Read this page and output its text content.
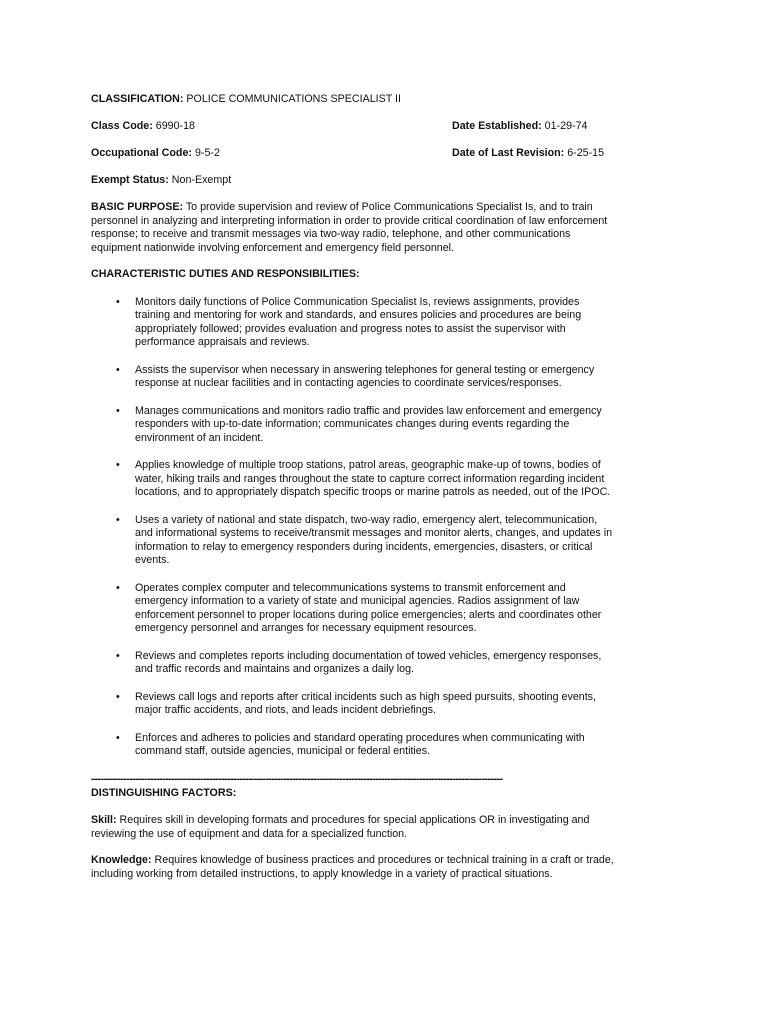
CLASSIFICATION: POLICE COMMUNICATIONS SPECIALIST II
Class Code: 6990-18	Date Established: 01-29-74
Occupational Code: 9-5-2	Date of Last Revision: 6-25-15
Exempt Status: Non-Exempt

BASIC PURPOSE: To provide supervision and review of Police Communications Specialist Is, and to train personnel in analyzing and interpreting information in order to provide critical coordination of law enforcement response; to receive and transmit messages via two-way radio, telephone, and other communications equipment nationwide involving enforcement and emergency field personnel.

CHARACTERISTIC DUTIES AND RESPONSIBILITIES:
• Monitors daily functions of Police Communication Specialist Is, reviews assignments, provides training and mentoring for work and standards, and ensures policies and procedures are being appropriately followed; provides evaluation and progress notes to assist the supervisor with performance appraisals and reviews.
• Assists the supervisor when necessary in answering telephones for general testing or emergency response at nuclear facilities and in contacting agencies to coordinate services/responses.
• Manages communications and monitors radio traffic and provides law enforcement and emergency responders with up-to-date information; communicates changes during events regarding the environment of an incident.
• Applies knowledge of multiple troop stations, patrol areas, geographic make-up of towns, bodies of water, hiking trails and ranges throughout the state to capture correct information regarding incident locations, and to appropriately dispatch specific troops or marine patrols as needed, out of the IPOC.
• Uses a variety of national and state dispatch, two-way radio, emergency alert, telecommunication, and informational systems to receive/transmit messages and monitor alerts, changes, and updates in information to relay to emergency responders during incidents, emergencies, disasters, or critical events.
• Operates complex computer and telecommunications systems to transmit enforcement and emergency information to a variety of state and municipal agencies. Radios assignment of law enforcement personnel to proper locations during police emergencies; alerts and coordinates other emergency personnel and arranges for necessary equipment resources.
• Reviews and completes reports including documentation of towed vehicles, emergency responses, and traffic records and maintains and organizes a daily log.
• Reviews call logs and reports after critical incidents such as high speed pursuits, shooting events, major traffic accidents, and riots, and leads incident debriefings.
• Enforces and adheres to policies and standard operating procedures when communicating with command staff, outside agencies, municipal or federal entities.
-------------------------------------------------------------------------------------------------------------------------------------------
DISTINGUISHING FACTORS:

Skill: Requires skill in developing formats and procedures for special applications OR in investigating and reviewing the use of equipment and data for a specialized function.

Knowledge: Requires knowledge of business practices and procedures or technical training in a craft or trade, including working from detailed instructions, to apply knowledge in a variety of practical situations.
